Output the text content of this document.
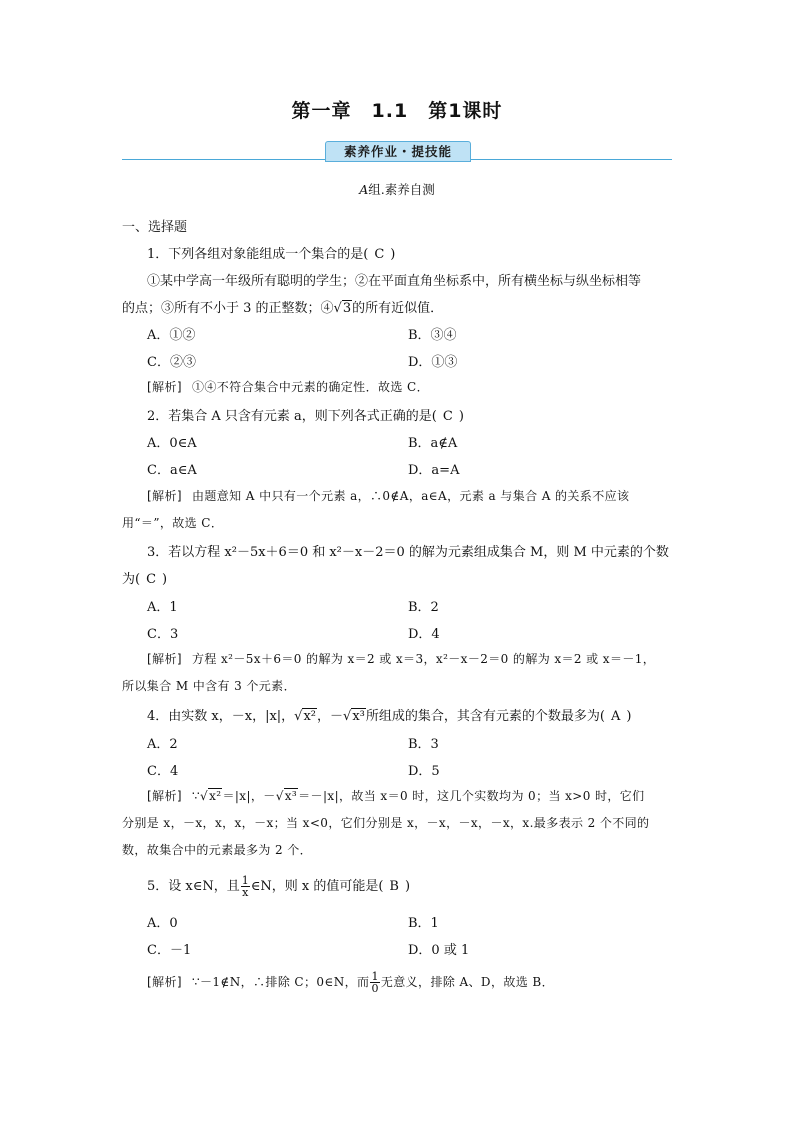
第一章　1.1　第1课时
素养作业・提技能
A组.素养自测
一、选择题
1．下列各组对象能组成一个集合的是( C )
①某中学高一年级所有聪明的学生；②在平面直角坐标系中，所有横坐标与纵坐标相等
的点；③所有不小于 3 的正整数；④√3的所有近似值．
A．①②	B．③④
C．②③	D．①③
[解析] ①④不符合集合中元素的确定性．故选 C．
2．若集合 A 只含有元素 a，则下列各式正确的是( C )
A．0∈A	B．a∉A
C．a∈A	D．a=A
[解析] 由题意知 A 中只有一个元素 a，∴0∉A，a∈A，元素 a 与集合 A 的关系不应该
用“＝”，故选 C．
3．若以方程 x²－5x＋6＝0 和 x²－x－2＝0 的解为元素组成集合 M，则 M 中元素的个数
为( C )
A．1	B．2
C．3	D．4
[解析] 方程 x²－5x＋6＝0 的解为 x＝2 或 x＝3，x²－x－2＝0 的解为 x＝2 或 x＝－1，
所以集合 M 中含有 3 个元素．
4．由实数 x，－x，|x|，√x²，－√x³所组成的集合，其含有元素的个数最多为( A )
A．2	B．3
C．4	D．5
[解析] ∵√x²＝|x|，－√x³＝－|x|，故当 x＝0 时，这几个实数均为 0；当 x>0 时，它们
分别是 x，－x，x，x，－x；当 x<0，它们分别是 x，－x，－x，－x，x.最多表示 2 个不同的
数，故集合中的元素最多为 2 个．
5．设 x∈N，且 $\frac{1}{x}$ ∈N，则 x 的值可能是( B )
A．0	B．1
C．－1	D．0 或 1
[解析] ∵－1∉N，∴排除 C；0∈N，而 $\frac{1}{0}$ 无意义，排除 A、D，故选 B．
